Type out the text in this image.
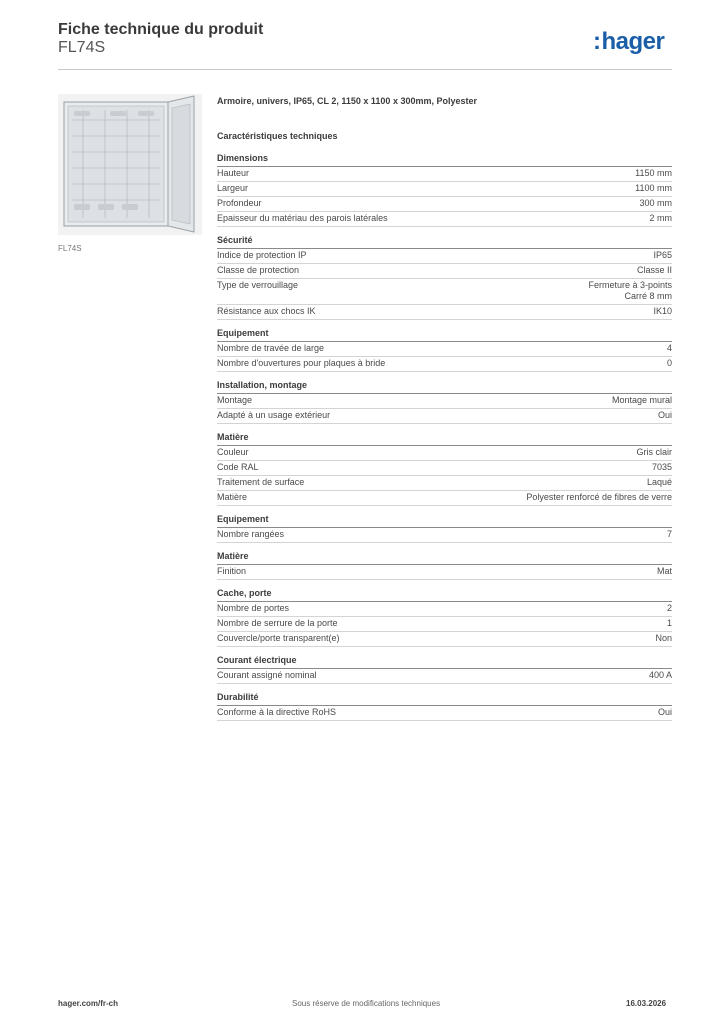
Fiche technique du produit
FL74S	:hager
FL74S
Armoire, univers, IP65, CL 2, 1150 x 1100 x 300mm, Polyester
Caractéristiques techniques
Dimensions
Hauteur	1150 mm
Largeur	1100 mm
Profondeur	300 mm
Epaisseur du matériau des parois latérales	2 mm
Sécurité
Indice de protection IP	IP65
Classe de protection	Classe II
Type de verrouillage	Fermeture à 3-points
Carré 8 mm
Résistance aux chocs IK	IK10
Equipement
Nombre de travée de large	4
Nombre d'ouvertures pour plaques à bride	0
Installation, montage
Montage	Montage mural
Adapté à un usage extérieur	Oui
Matière
Couleur	Gris clair
Code RAL	7035
Traitement de surface	Laqué
Matière	Polyester renforcé de fibres de verre
Equipement
Nombre rangées	7
Matière
Finition	Mat
Cache, porte
Nombre de portes	2
Nombre de serrure de la porte	1
Couvercle/porte transparent(e)	Non
Courant électrique
Courant assigné nominal	400 A
Durabilité
Conforme à la directive RoHS	Oui
hager.com/fr-ch	Sous réserve de modifications techniques	16.03.2026
